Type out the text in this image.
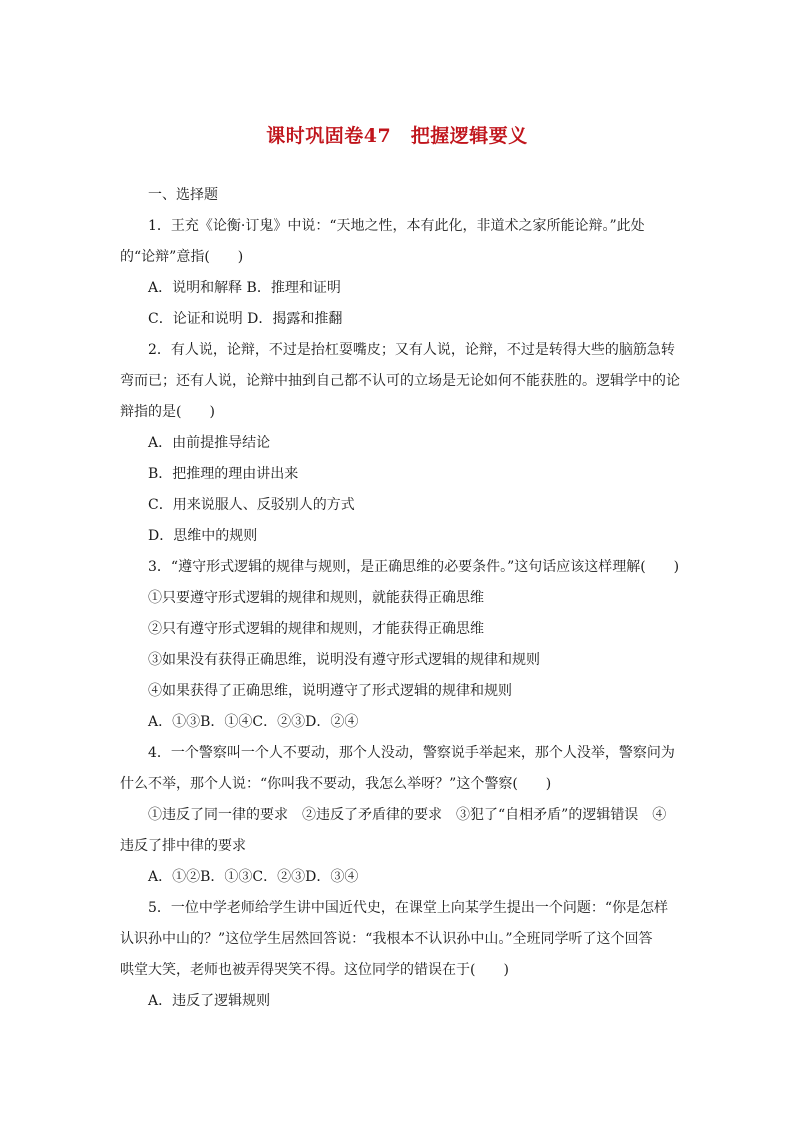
课时巩固卷47　把握逻辑要义
一、选择题
1．王充《论衡·订鬼》中说：“天地之性，本有此化，非道术之家所能论辩。”此处
的“论辩”意指(　　)
A．说明和解释 B．推理和证明
C．论证和说明 D．揭露和推翻
2．有人说，论辩，不过是抬杠耍嘴皮；又有人说，论辩，不过是转得大些的脑筋急转
弯而已；还有人说，论辩中抽到自己都不认可的立场是无论如何不能获胜的。逻辑学中的论
辩指的是(　　)
A．由前提推导结论
B．把推理的理由讲出来
C．用来说服人、反驳别人的方式
D．思维中的规则
3．“遵守形式逻辑的规律与规则，是正确思维的必要条件。”这句话应该这样理解(　　)
①只要遵守形式逻辑的规律和规则，就能获得正确思维
②只有遵守形式逻辑的规律和规则，才能获得正确思维
③如果没有获得正确思维，说明没有遵守形式逻辑的规律和规则
④如果获得了正确思维，说明遵守了形式逻辑的规律和规则
A．①③B．①④C．②③D．②④
4．一个警察叫一个人不要动，那个人没动，警察说手举起来，那个人没举，警察问为
什么不举，那个人说：“你叫我不要动，我怎么举呀？”这个警察(　　)
①违反了同一律的要求　②违反了矛盾律的要求　③犯了“自相矛盾”的逻辑错误　④
违反了排中律的要求
A．①②B．①③C．②③D．③④
5．一位中学老师给学生讲中国近代史，在课堂上向某学生提出一个问题：“你是怎样
认识孙中山的？”这位学生居然回答说：“我根本不认识孙中山。”全班同学听了这个回答
哄堂大笑，老师也被弄得哭笑不得。这位同学的错误在于(　　)
A．违反了逻辑规则
